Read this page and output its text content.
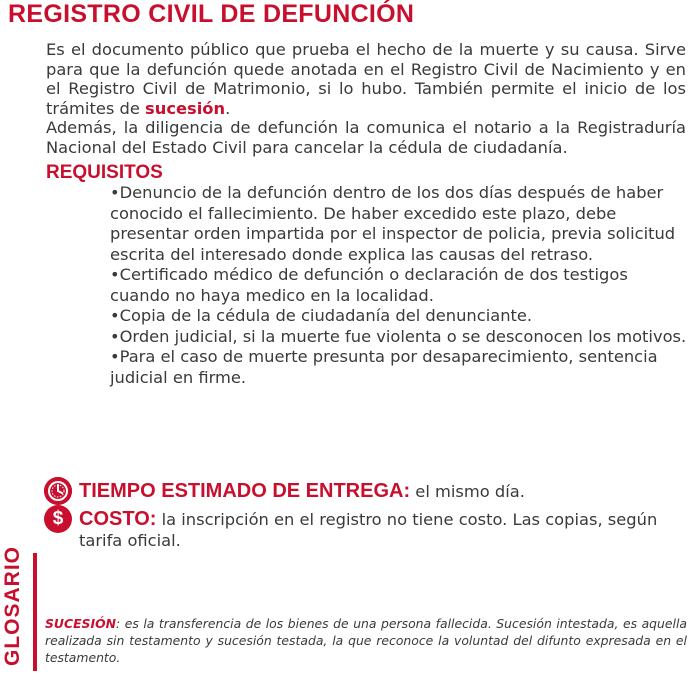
REGISTRO CIVIL DE DEFUNCIÓN

Es el documento público que prueba el hecho de la muerte y su causa. Sirve para que la defunción quede anotada en el Registro Civil de Nacimiento y en el Registro Civil de Matrimonio, si lo hubo. También permite el inicio de los trámites de sucesión.

Además, la diligencia de defunción la comunica el notario a la Registraduría Nacional del Estado Civil para cancelar la cédula de ciudadanía.

REQUISITOS

•Denuncio de la defunción dentro de los dos días después de haber conocido el fallecimiento. De haber excedido este plazo, debe presentar orden impartida por el inspector de policia, previa solicitud escrita del interesado donde explica las causas del retraso.

•Certificado médico de defunción o declaración de dos testigos cuando no haya medico en la localidad.

•Copia de la cédula de ciudadanía del denunciante.

•Orden judicial, si la muerte fue violenta o se desconocen los motivos.

•Para el caso de muerte presunta por desaparecimiento, sentencia judicial en firme.

TIEMPO ESTIMADO DE ENTREGA: el mismo día.
$ COSTO: la inscripción en el registro no tiene costo. Las copias, según tarifa oficial.
GLOSARIO SUCESIÓN: es la transferencia de los bienes de una persona fallecida. Sucesión intestada, es aquella realizada sin testamento y sucesión testada, la que reconoce la voluntad del difunto expresada en el testamento.
